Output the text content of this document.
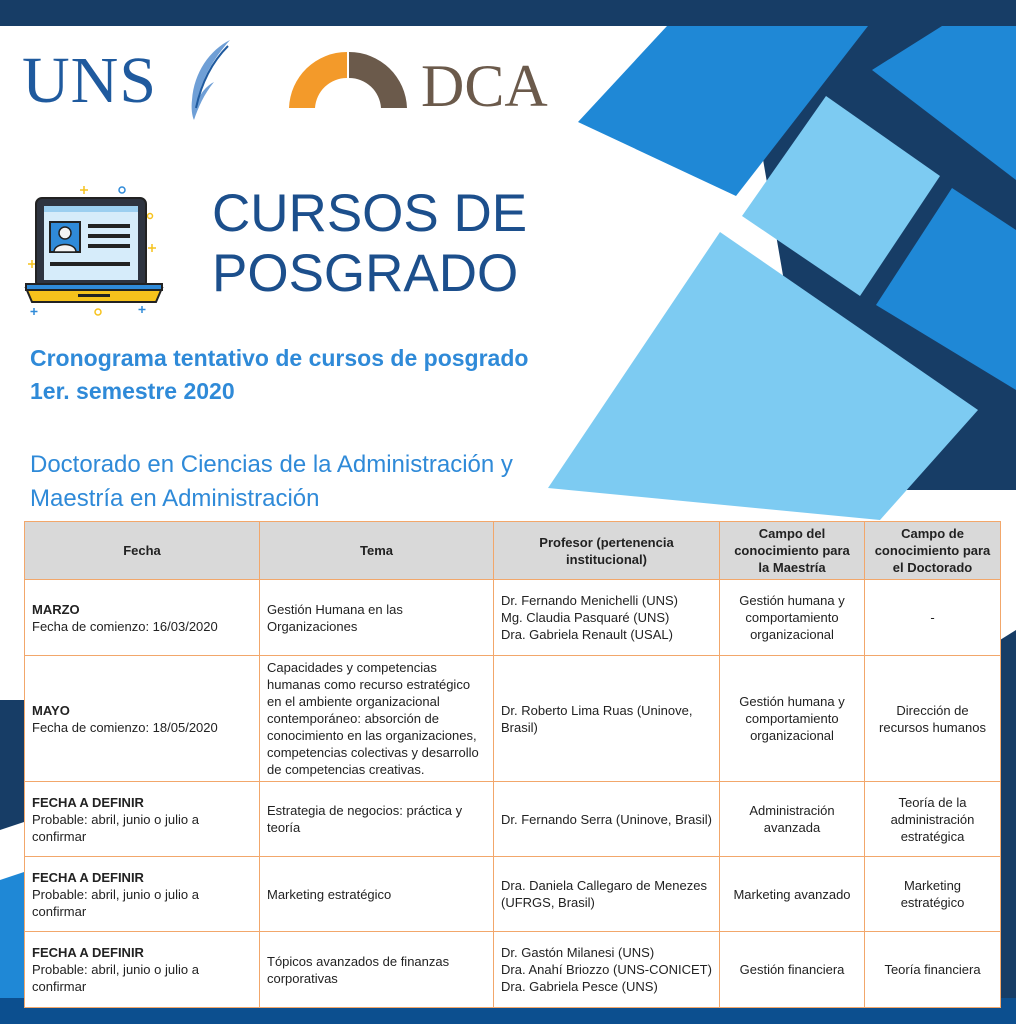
UNS	DCA
CURSOS DE
POSGRADO
Cronograma tentativo de cursos de posgrado
1er. semestre 2020
Doctorado en Ciencias de la Administración y
Maestría en Administración
Fecha	Tema	Profesor (pertenencia institucional)	Campo del conocimiento para la Maestría	Campo de conocimiento para el Doctorado

MARZO
Fecha de comienzo: 16/03/2020	Gestión Humana en las Organizaciones	Dr. Fernando Menichelli (UNS)
Mg. Claudia Pasquaré (UNS)
Dra. Gabriela Renault (USAL)	Gestión humana y comportamiento organizacional	-

MAYO
Fecha de comienzo: 18/05/2020	Capacidades y competencias humanas como recurso estratégico en el ambiente organizacional contemporáneo: absorción de conocimiento en las organizaciones, competencias colectivas y desarrollo de competencias creativas.	Dr. Roberto Lima Ruas (Uninove, Brasil)	Gestión humana y comportamiento organizacional	Dirección de recursos humanos

FECHA A DEFINIR
Probable: abril, junio o julio a confirmar	Estrategia de negocios: práctica y teoría	Dr. Fernando Serra (Uninove, Brasil)	Administración avanzada	Teoría de la administración estratégica

FECHA A DEFINIR
Probable: abril, junio o julio a confirmar	Marketing estratégico	Dra. Daniela Callegaro de Menezes (UFRGS, Brasil)	Marketing avanzado	Marketing estratégico

FECHA A DEFINIR
Probable: abril, junio o julio a confirmar	Tópicos avanzados de finanzas corporativas	Dr. Gastón Milanesi (UNS)
Dra. Anahí Briozzo (UNS-CONICET)
Dra. Gabriela Pesce (UNS)	Gestión financiera	Teoría financiera
